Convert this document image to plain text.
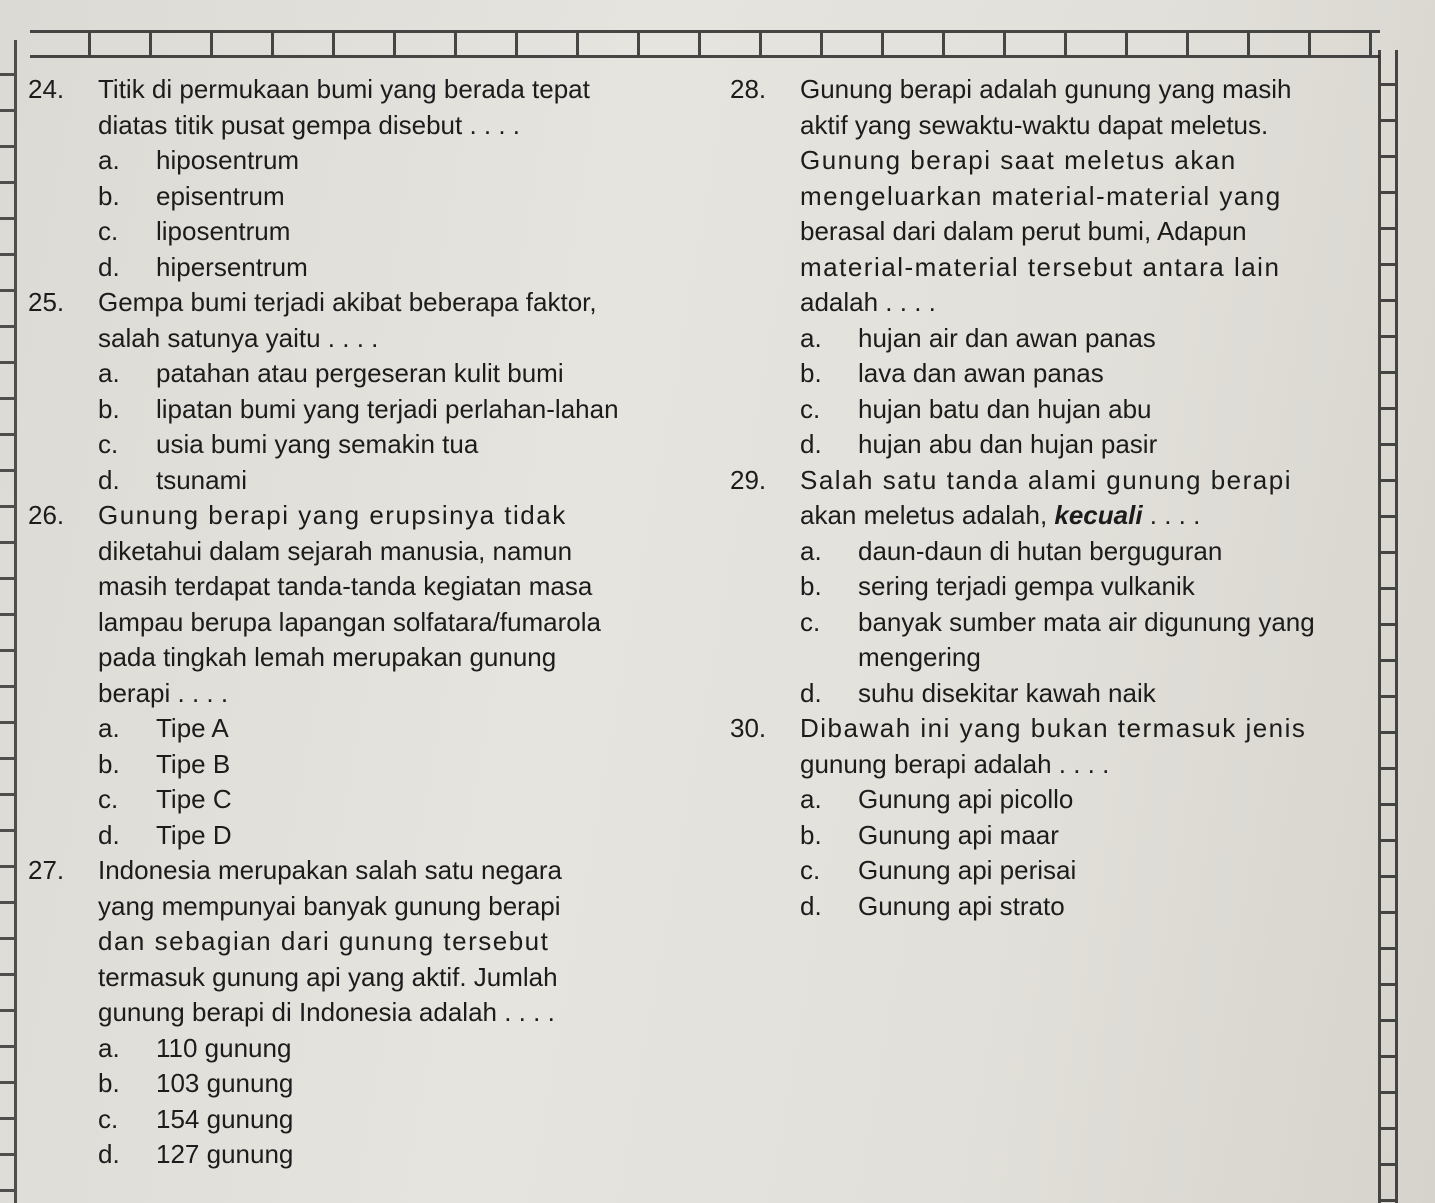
24.	Titik di permukaan bumi yang berada tepat
diatas titik pusat gempa disebut . . . .
a.	hiposentrum
b.	episentrum
c.	liposentrum
d.	hipersentrum
25.	Gempa bumi terjadi akibat beberapa faktor,
salah satunya yaitu . . . .
a.	patahan atau pergeseran kulit bumi
b.	lipatan bumi yang terjadi perlahan-lahan
c.	usia bumi yang semakin tua
d.	tsunami
26.	Gunung berapi yang erupsinya tidak
diketahui dalam sejarah manusia, namun
masih terdapat tanda-tanda kegiatan masa
lampau berupa lapangan solfatara/fumarola
pada tingkah lemah merupakan gunung
berapi . . . .
a.	Tipe A
b.	Tipe B
c.	Tipe C
d.	Tipe D
27.	Indonesia merupakan salah satu negara
yang mempunyai banyak gunung berapi
dan sebagian dari gunung tersebut
termasuk gunung api yang aktif. Jumlah
gunung berapi di Indonesia adalah . . . .
a.	110 gunung
b.	103 gunung
c.	154 gunung
d.	127 gunung
28.	Gunung berapi adalah gunung yang masih
aktif yang sewaktu-waktu dapat meletus.
Gunung berapi saat meletus akan
mengeluarkan material-material yang
berasal dari dalam perut bumi, Adapun
material-material tersebut antara lain
adalah . . . .
a.	hujan air dan awan panas
b.	lava dan awan panas
c.	hujan batu dan hujan abu
d.	hujan abu dan hujan pasir
29.	Salah satu tanda alami gunung berapi
akan meletus adalah, kecuali . . . .
a.	daun-daun di hutan berguguran
b.	sering terjadi gempa vulkanik
c.	banyak sumber mata air digunung yang
mengering
d.	suhu disekitar kawah naik
30.	Dibawah ini yang bukan termasuk jenis
gunung berapi adalah . . . .
a.	Gunung api picollo
b.	Gunung api maar
c.	Gunung api perisai
d.	Gunung api strato
